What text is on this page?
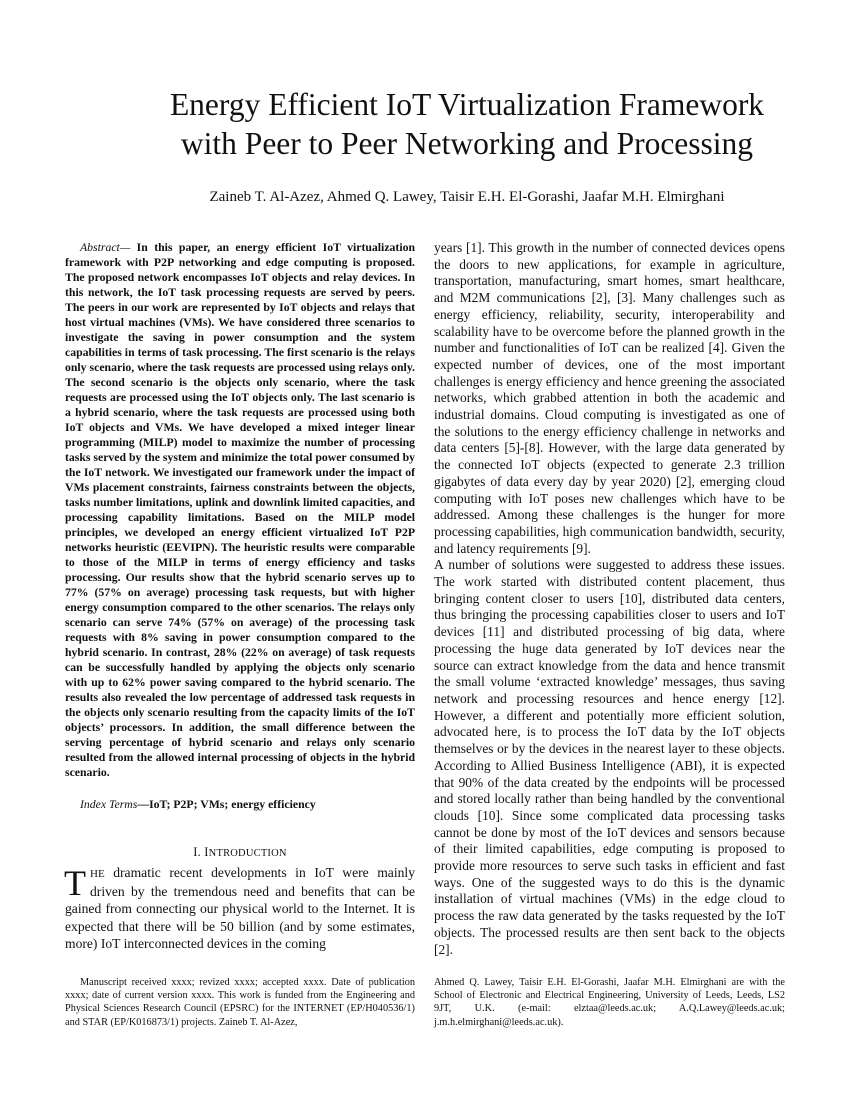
Energy Efficient IoT Virtualization Framework
with Peer to Peer Networking and Processing

Zaineb T. Al-Azez, Ahmed Q. Lawey, Taisir E.H. El-Gorashi, Jaafar M.H. Elmirghani

Abstract— In this paper, an energy efficient IoT virtualization framework with P2P networking and edge computing is proposed. The proposed network encompasses IoT objects and relay devices. In this network, the IoT task processing requests are served by peers. The peers in our work are represented by IoT objects and relays that host virtual machines (VMs). We have considered three scenarios to investigate the saving in power consumption and the system capabilities in terms of task processing. The first scenario is the relays only scenario, where the task requests are processed using relays only. The second scenario is the objects only scenario, where the task requests are processed using the IoT objects only. The last scenario is a hybrid scenario, where the task requests are processed using both IoT objects and VMs. We have developed a mixed integer linear programming (MILP) model to maximize the number of processing tasks served by the system and minimize the total power consumed by the IoT network. We investigated our framework under the impact of VMs placement constraints, fairness constraints between the objects, tasks number limitations, uplink and downlink limited capacities, and processing capability limitations. Based on the MILP model principles, we developed an energy efficient virtualized IoT P2P networks heuristic (EEVIPN). The heuristic results were comparable to those of the MILP in terms of energy efficiency and tasks processing. Our results show that the hybrid scenario serves up to 77% (57% on average) processing task requests, but with higher energy consumption compared to the other scenarios. The relays only scenario can serve 74% (57% on average) of the processing task requests with 8% saving in power consumption compared to the hybrid scenario. In contrast, 28% (22% on average) of task requests can be successfully handled by applying the objects only scenario with up to 62% power saving compared to the hybrid scenario. The results also revealed the low percentage of addressed task requests in the objects only scenario resulting from the capacity limits of the IoT objects’ processors. In addition, the small difference between the serving percentage of hybrid scenario and relays only scenario resulted from the allowed internal processing of objects in the hybrid scenario.

Index Terms—IoT; P2P; VMs; energy efficiency

I. INTRODUCTION

THE dramatic recent developments in IoT were mainly driven by the tremendous need and benefits that can be gained from connecting our physical world to the Internet. It is expected that there will be 50 billion (and by some estimates, more) IoT interconnected devices in the coming

years [1]. This growth in the number of connected devices opens the doors to new applications, for example in agriculture, transportation, manufacturing, smart homes, smart healthcare, and M2M communications [2], [3]. Many challenges such as energy efficiency, reliability, security, interoperability and scalability have to be overcome before the planned growth in the number and functionalities of IoT can be realized [4]. Given the expected number of devices, one of the most important challenges is energy efficiency and hence greening the associated networks, which grabbed attention in both the academic and industrial domains. Cloud computing is investigated as one of the solutions to the energy efficiency challenge in networks and data centers [5]-[8]. However, with the large data generated by the connected IoT objects (expected to generate 2.3 trillion gigabytes of data every day by year 2020) [2], emerging cloud computing with IoT poses new challenges which have to be addressed. Among these challenges is the hunger for more processing capabilities, high communication bandwidth, security, and latency requirements [9].

A number of solutions were suggested to address these issues. The work started with distributed content placement, thus bringing content closer to users [10], distributed data centers, thus bringing the processing capabilities closer to users and IoT devices [11] and distributed processing of big data, where processing the huge data generated by IoT devices near the source can extract knowledge from the data and hence transmit the small volume ‘extracted knowledge’ messages, thus saving network and processing resources and hence energy [12]. However, a different and potentially more efficient solution, advocated here, is to process the IoT data by the IoT objects themselves or by the devices in the nearest layer to these objects. According to Allied Business Intelligence (ABI), it is expected that 90% of the data created by the endpoints will be processed and stored locally rather than being handled by the conventional clouds [10]. Since some complicated data processing tasks cannot be done by most of the IoT devices and sensors because of their limited capabilities, edge computing is proposed to provide more resources to serve such tasks in efficient and fast ways. One of the suggested ways to do this is the dynamic installation of virtual machines (VMs) in the edge cloud to process the raw data generated by the tasks requested by the IoT objects. The processed results are then sent back to the objects [2].

Manuscript received xxxx; revized xxxx; accepted xxxx. Date of publication xxxx; date of current version xxxx. This work is funded from the Engineering and Physical Sciences Research Council (EPSRC) for the INTERNET (EP/H040536/1) and STAR (EP/K016873/1) projects. Zaineb T. Al-Azez,

Ahmed Q. Lawey, Taisir E.H. El-Gorashi, Jaafar M.H. Elmirghani are with the School of Electronic and Electrical Engineering, University of Leeds, Leeds, LS2 9JT, U.K. (e-mail: elztaa@leeds.ac.uk; A.Q.Lawey@leeds.ac.uk; j.m.h.elmirghani@leeds.ac.uk).
